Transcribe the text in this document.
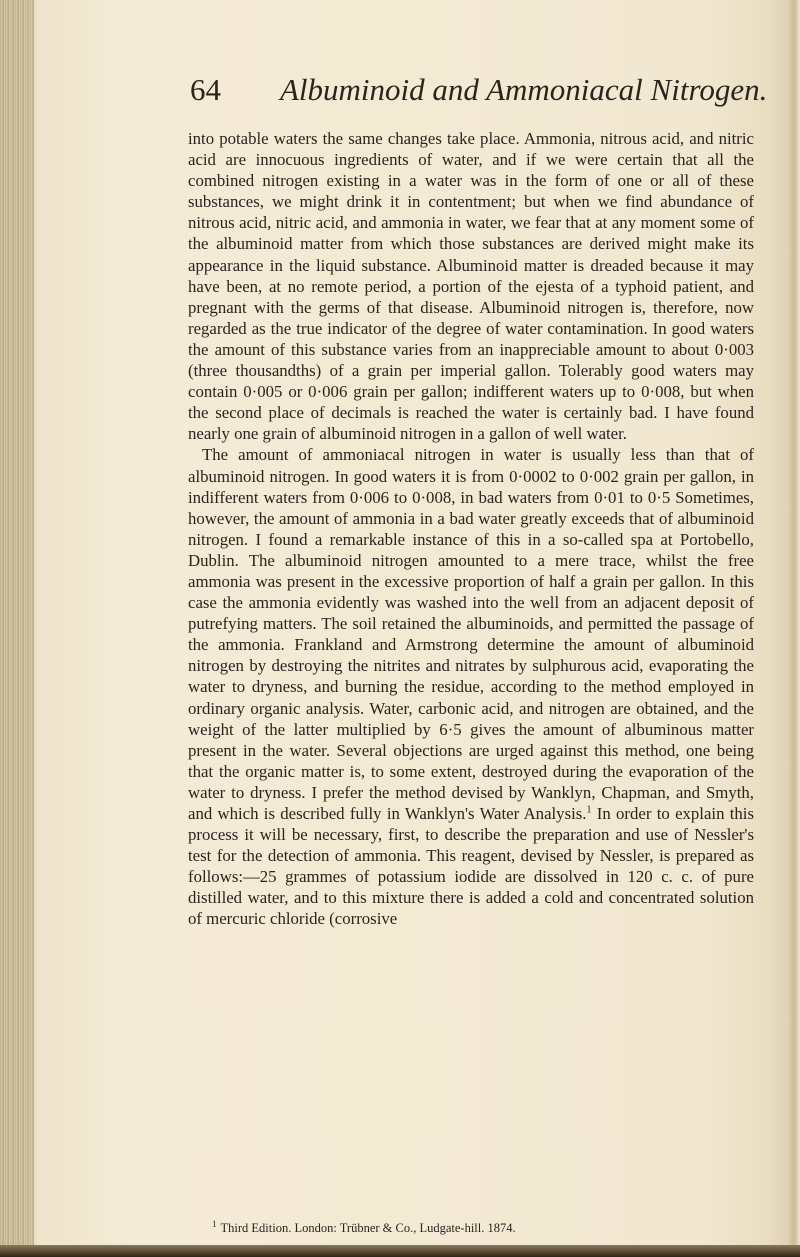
64 Albuminoid and Ammoniacal Nitrogen.

into potable waters the same changes take place. Ammonia, nitrous acid, and nitric acid are innocuous ingredients of water, and if we were certain that all the combined nitrogen existing in a water was in the form of one or all of these substances, we might drink it in contentment; but when we find abundance of nitrous acid, nitric acid, and ammonia in water, we fear that at any moment some of the albuminoid matter from which those substances are derived might make its appearance in the liquid substance. Albuminoid matter is dreaded because it may have been, at no remote period, a portion of the ejesta of a typhoid patient, and pregnant with the germs of that disease. Albuminoid nitrogen is, therefore, now regarded as the true indicator of the degree of water contamination. In good waters the amount of this substance varies from an inappreciable amount to about 0·003 (three thousandths) of a grain per imperial gallon. Tolerably good waters may contain 0·005 or 0·006 grain per gallon; indifferent waters up to 0·008, but when the second place of decimals is reached the water is certainly bad. I have found nearly one grain of albuminoid nitrogen in a gallon of well water.

The amount of ammoniacal nitrogen in water is usually less than that of albuminoid nitrogen. In good waters it is from 0·0002 to 0·002 grain per gallon, in indifferent waters from 0·006 to 0·008, in bad waters from 0·01 to 0·5 Sometimes, however, the amount of ammonia in a bad water greatly exceeds that of albuminoid nitrogen. I found a remarkable instance of this in a so-called spa at Portobello, Dublin. The albuminoid nitrogen amounted to a mere trace, whilst the free ammonia was present in the excessive proportion of half a grain per gallon. In this case the ammonia evidently was washed into the well from an adjacent deposit of putrefying matters. The soil retained the albuminoids, and permitted the passage of the ammonia. Frankland and Armstrong determine the amount of albuminoid nitrogen by destroying the nitrites and nitrates by sulphurous acid, evaporating the water to dryness, and burning the residue, according to the method employed in ordinary organic analysis. Water, carbonic acid, and nitrogen are obtained, and the weight of the latter multiplied by 6·5 gives the amount of albuminous matter present in the water. Several objections are urged against this method, one being that the organic matter is, to some extent, destroyed during the evaporation of the water to dryness. I prefer the method devised by Wanklyn, Chapman, and Smyth, and which is described fully in Wanklyn's Water Analysis.$^1$ In order to explain this process it will be necessary, first, to describe the preparation and use of Nessler's test for the detection of ammonia. This reagent, devised by Nessler, is prepared as follows:—25 grammes of potassium iodide are dissolved in 120 c. c. of pure distilled water, and to this mixture there is added a cold and concentrated solution of mercuric chloride (corrosive

$^1$ Third Edition. London: Trübner & Co., Ludgate-hill. 1874.
